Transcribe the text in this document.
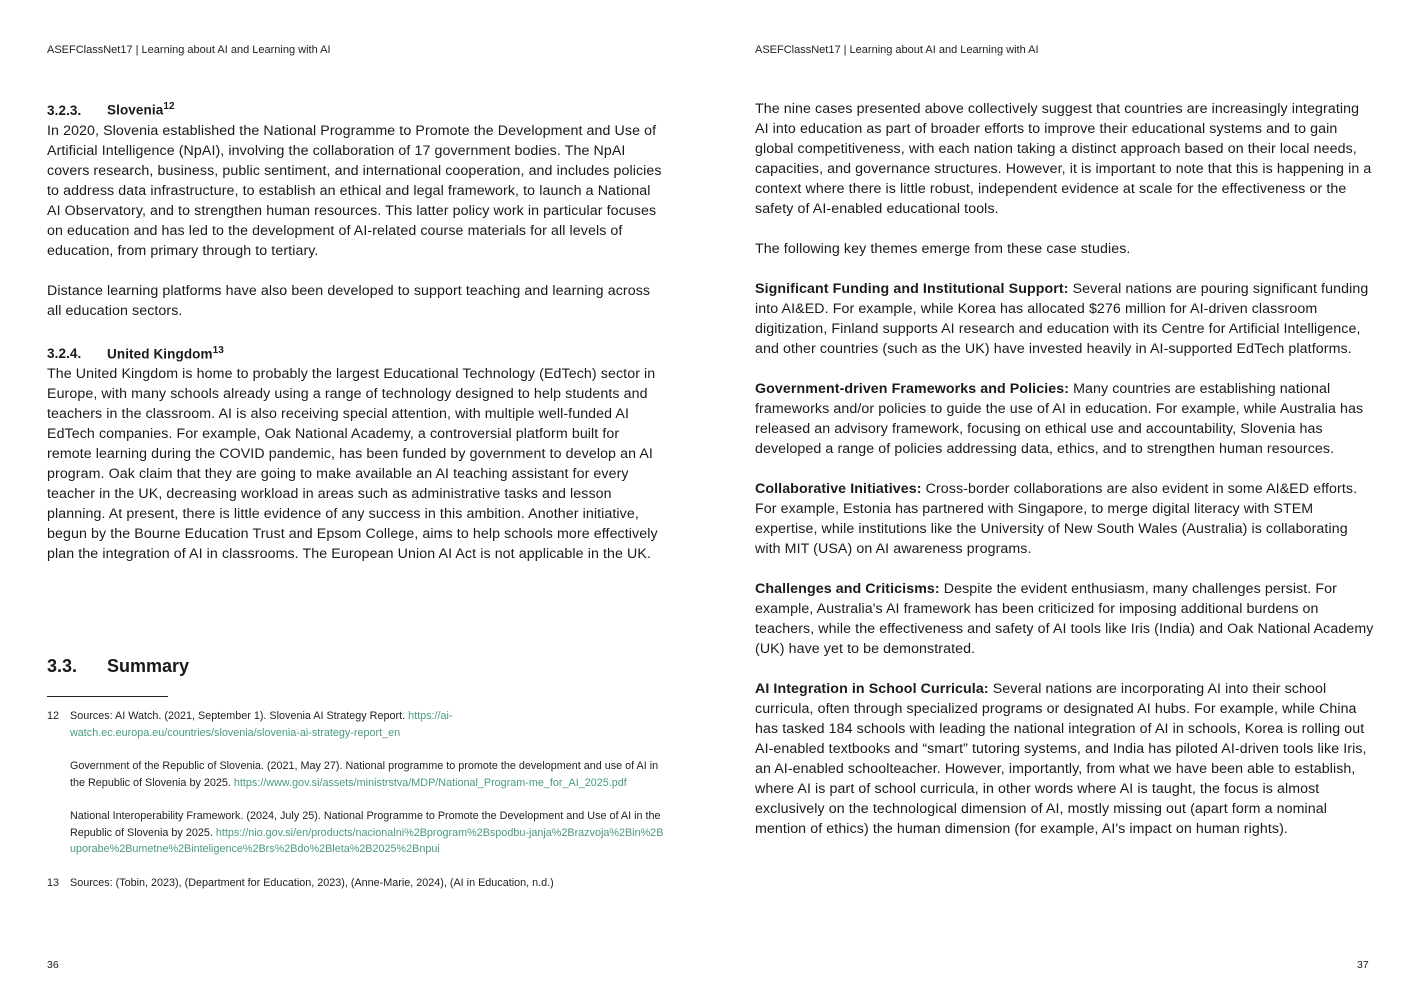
ASEFClassNet17 | Learning about AI and Learning with AI
3.2.3. Slovenia$^{12}$

In 2020, Slovenia established the National Programme to Promote the Development and Use of Artificial Intelligence (NpAI), involving the collaboration of 17 government bodies. The NpAI covers research, business, public sentiment, and international cooperation, and includes policies to address data infrastructure, to establish an ethical and legal framework, to launch a National AI Observatory, and to strengthen human resources. This latter policy work in particular focuses on education and has led to the development of AI-related course materials for all levels of education, from primary through to tertiary.

Distance learning platforms have also been developed to support teaching and learning across all education sectors.

3.2.4. United Kingdom$^{13}$

The United Kingdom is home to probably the largest Educational Technology (EdTech) sector in Europe, with many schools already using a range of technology designed to help students and teachers in the classroom. AI is also receiving special attention, with multiple well-funded AI EdTech companies. For example, Oak National Academy, a controversial platform built for remote learning during the COVID pandemic, has been funded by government to develop an AI program. Oak claim that they are going to make available an AI teaching assistant for every teacher in the UK, decreasing workload in areas such as administrative tasks and lesson planning. At present, there is little evidence of any success in this ambition. Another initiative, begun by the Bourne Education Trust and Epsom College, aims to help schools more effectively plan the integration of AI in classrooms. The European Union AI Act is not applicable in the UK.

3.3. Summary
12	Sources: AI Watch. (2021, September 1). Slovenia AI Strategy Report. https://ai-watch.ec.europa.eu/countries/slovenia/slovenia-ai-strategy-report_en
Government of the Republic of Slovenia. (2021, May 27). National programme to promote the development and use of AI in the Republic of Slovenia by 2025. https://www.gov.si/assets/ministrstva/MDP/National_Program-me_for_AI_2025.pdf
National Interoperability Framework. (2024, July 25). National Programme to Promote the Development and Use of AI in the Republic of Slovenia by 2025. https://nio.gov.si/en/products/nacionalni%2Bprogram%2Bspodbu-janja%2Brazvoja%2Bin%2Buporabe%2Bumetne%2Binteligence%2Brs%2Bdo%2Bleta%2B2025%2Bnpui
13	Sources: (Tobin, 2023), (Department for Education, 2023), (Anne-Marie, 2024), (AI in Education, n.d.)
36
ASEFClassNet17 | Learning about AI and Learning with AI

The nine cases presented above collectively suggest that countries are increasingly integrating AI into education as part of broader efforts to improve their educational systems and to gain global competitiveness, with each nation taking a distinct approach based on their local needs, capacities, and governance structures. However, it is important to note that this is happening in a context where there is little robust, independent evidence at scale for the effectiveness or the safety of AI-enabled educational tools.

The following key themes emerge from these case studies.

Significant Funding and Institutional Support: Several nations are pouring significant funding into AI&ED. For example, while Korea has allocated $276 million for AI-driven classroom digitization, Finland supports AI research and education with its Centre for Artificial Intelligence, and other countries (such as the UK) have invested heavily in AI-supported EdTech platforms.

Government-driven Frameworks and Policies: Many countries are establishing national frameworks and/or policies to guide the use of AI in education. For example, while Australia has released an advisory framework, focusing on ethical use and accountability, Slovenia has developed a range of policies addressing data, ethics, and to strengthen human resources.

Collaborative Initiatives: Cross-border collaborations are also evident in some AI&ED efforts. For example, Estonia has partnered with Singapore, to merge digital literacy with STEM expertise, while institutions like the University of New South Wales (Australia) is collaborating with MIT (USA) on AI awareness programs.

Challenges and Criticisms: Despite the evident enthusiasm, many challenges persist. For example, Australia's AI framework has been criticized for imposing additional burdens on teachers, while the effectiveness and safety of AI tools like Iris (India) and Oak National Academy (UK) have yet to be demonstrated.

AI Integration in School Curricula: Several nations are incorporating AI into their school curricula, often through specialized programs or designated AI hubs. For example, while China has tasked 184 schools with leading the national integration of AI in schools, Korea is rolling out AI-enabled textbooks and “smart” tutoring systems, and India has piloted AI-driven tools like Iris, an AI-enabled schoolteacher. However, importantly, from what we have been able to establish, where AI is part of school curricula, in other words where AI is taught, the focus is almost exclusively on the technological dimension of AI, mostly missing out (apart form a nominal mention of ethics) the human dimension (for example, AI's impact on human rights).

37
